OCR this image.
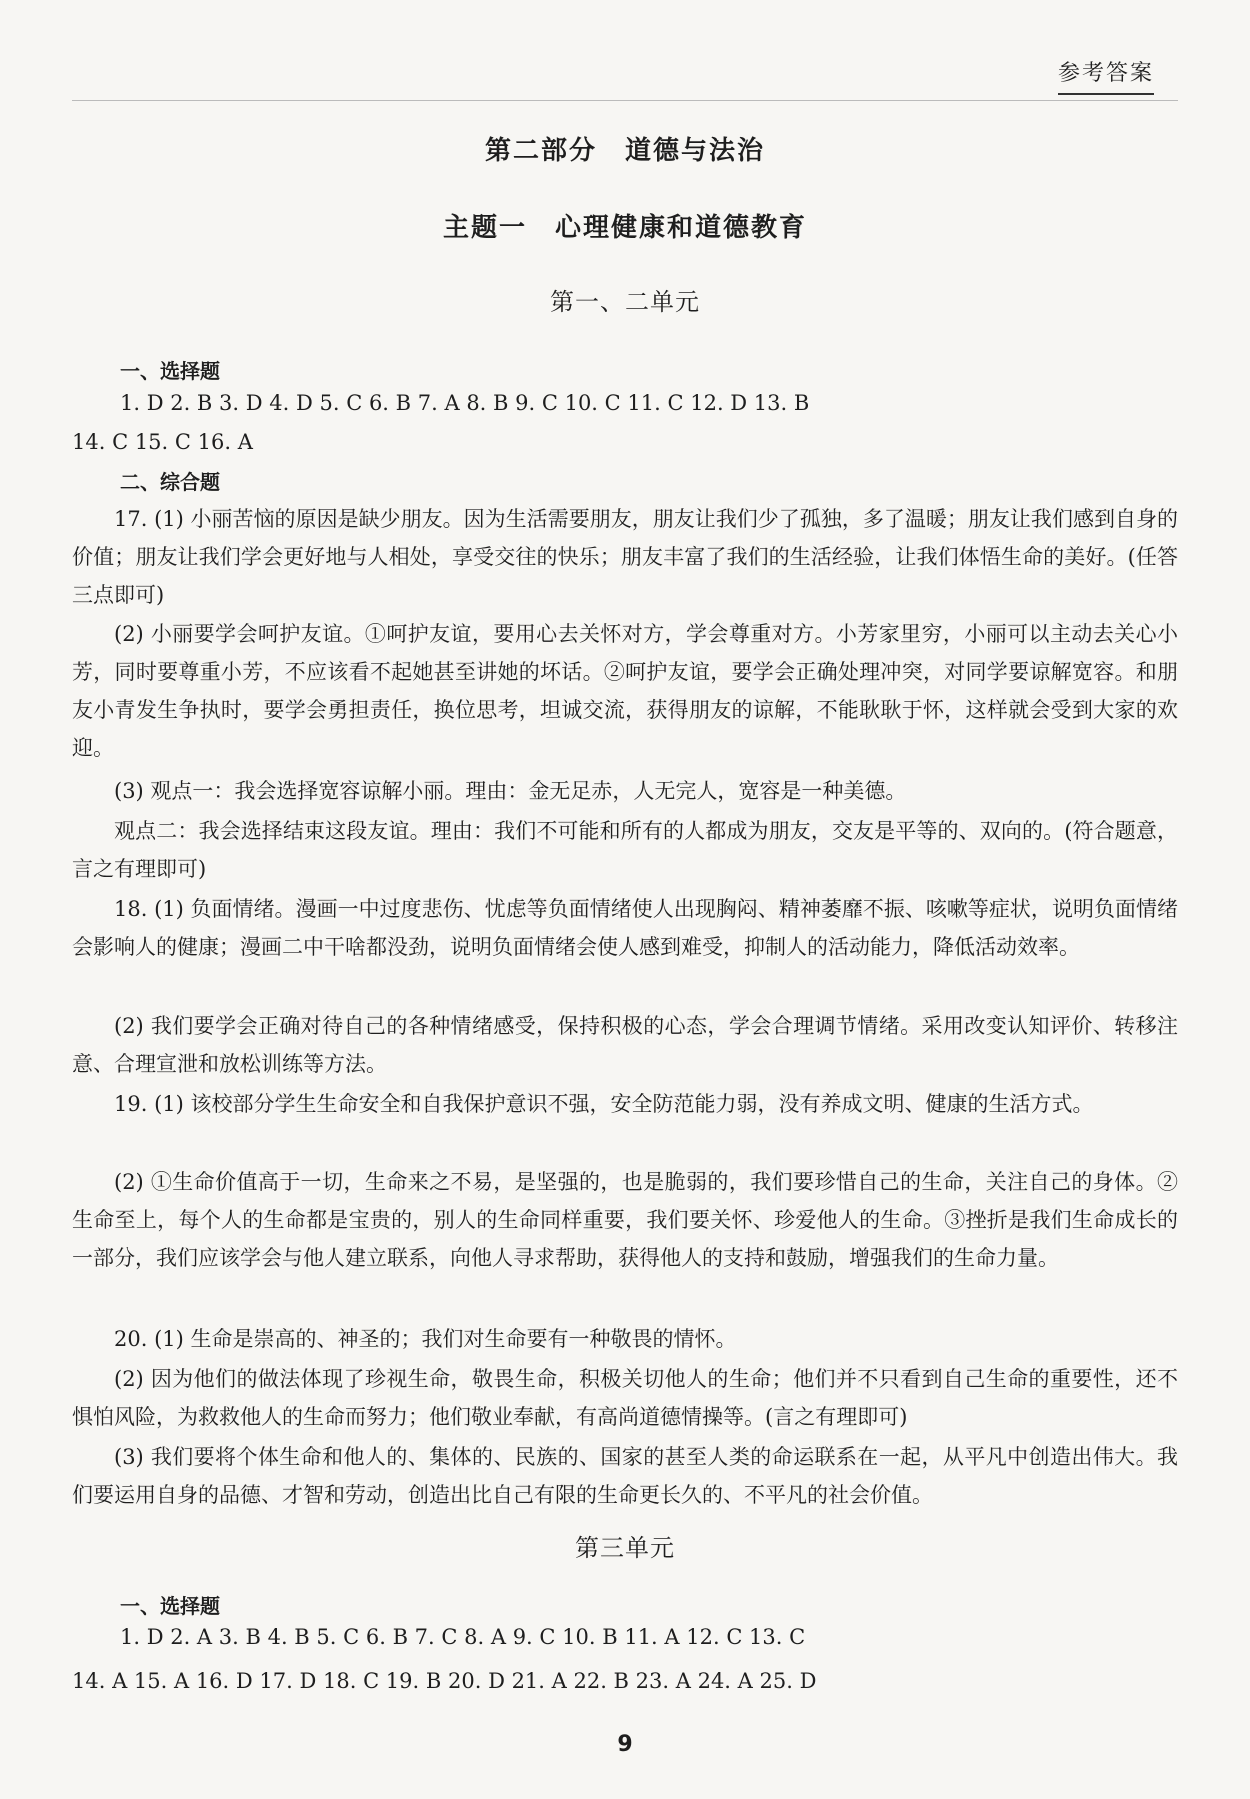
参考答案
第二部分　道德与法治
主题一　心理健康和道德教育
第一、二单元
一、选择题
1. D 2. B 3. D 4. D 5. C 6. B 7. A 8. B 9. C 10. C 11. C 12. D 13. B
14. C 15. C 16. A
二、综合题
17. (1) 小丽苦恼的原因是缺少朋友。因为生活需要朋友，朋友让我们少了孤独，多了温暖；朋友让我们感到自身的价值；朋友让我们学会更好地与人相处，享受交往的快乐；朋友丰富了我们的生活经验，让我们体悟生命的美好。(任答三点即可)
(2) 小丽要学会呵护友谊。①呵护友谊，要用心去关怀对方，学会尊重对方。小芳家里穷，小丽可以主动去关心小芳，同时要尊重小芳，不应该看不起她甚至讲她的坏话。②呵护友谊，要学会正确处理冲突，对同学要谅解宽容。和朋友小青发生争执时，要学会勇担责任，换位思考，坦诚交流，获得朋友的谅解，不能耿耿于怀，这样就会受到大家的欢迎。
(3) 观点一：我会选择宽容谅解小丽。理由：金无足赤，人无完人，宽容是一种美德。
观点二：我会选择结束这段友谊。理由：我们不可能和所有的人都成为朋友，交友是平等的、双向的。(符合题意，言之有理即可)
18. (1) 负面情绪。漫画一中过度悲伤、忧虑等负面情绪使人出现胸闷、精神萎靡不振、咳嗽等症状，说明负面情绪会影响人的健康；漫画二中干啥都没劲，说明负面情绪会使人感到难受，抑制人的活动能力，降低活动效率。
(2) 我们要学会正确对待自己的各种情绪感受，保持积极的心态，学会合理调节情绪。采用改变认知评价、转移注意、合理宣泄和放松训练等方法。
19. (1) 该校部分学生生命安全和自我保护意识不强，安全防范能力弱，没有养成文明、健康的生活方式。
(2) ①生命价值高于一切，生命来之不易，是坚强的，也是脆弱的，我们要珍惜自己的生命，关注自己的身体。②生命至上，每个人的生命都是宝贵的，别人的生命同样重要，我们要关怀、珍爱他人的生命。③挫折是我们生命成长的一部分，我们应该学会与他人建立联系，向他人寻求帮助，获得他人的支持和鼓励，增强我们的生命力量。
20. (1) 生命是崇高的、神圣的；我们对生命要有一种敬畏的情怀。
(2) 因为他们的做法体现了珍视生命，敬畏生命，积极关切他人的生命；他们并不只看到自己生命的重要性，还不惧怕风险，为救救他人的生命而努力；他们敬业奉献，有高尚道德情操等。(言之有理即可)
(3) 我们要将个体生命和他人的、集体的、民族的、国家的甚至人类的命运联系在一起，从平凡中创造出伟大。我们要运用自身的品德、才智和劳动，创造出比自己有限的生命更长久的、不平凡的社会价值。
第三单元
一、选择题
1. D 2. A 3. B 4. B 5. C 6. B 7. C 8. A 9. C 10. B 11. A 12. C 13. C
14. A 15. A 16. D 17. D 18. C 19. B 20. D 21. A 22. B 23. A 24. A 25. D
9
